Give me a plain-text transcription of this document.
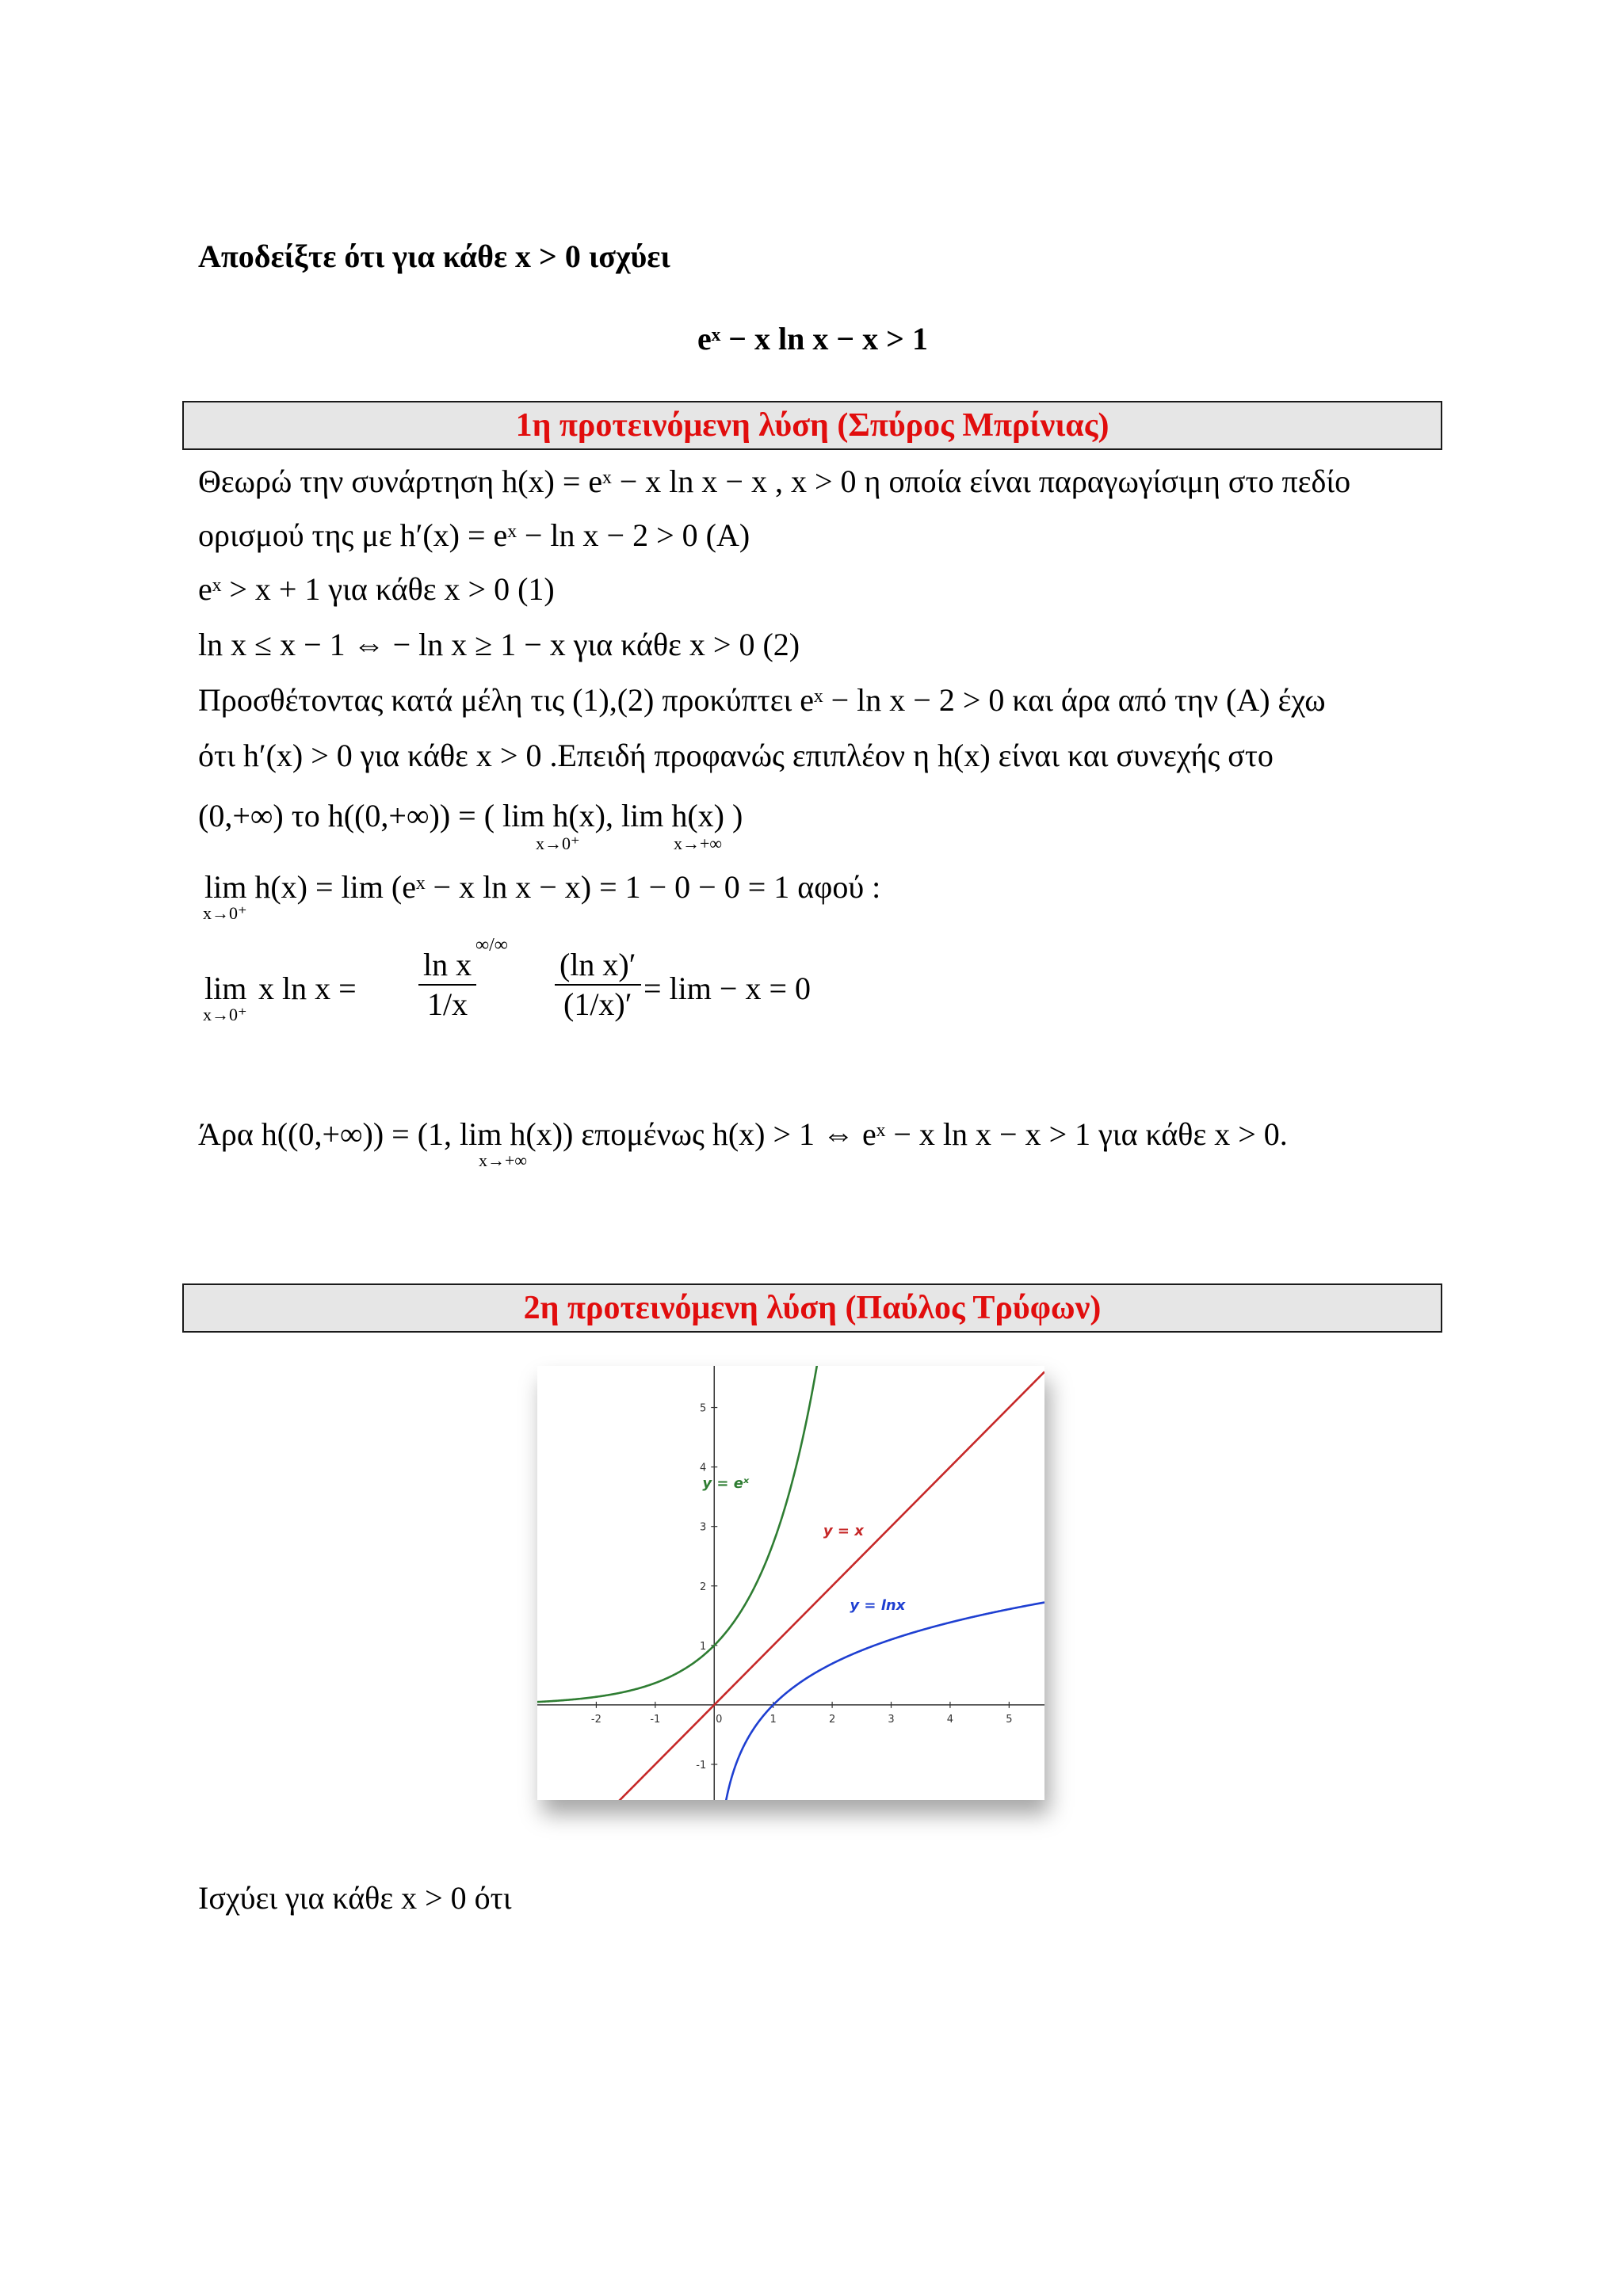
Αποδείξτε ότι για κάθε x > 0 ισχύει
eˣ − x ln x − x > 1
1η προτεινόμενη λύση (Σπύρος Μπρίνιας)
Θεωρώ την συνάρτηση h(x) = eˣ − x ln x − x , x > 0 η οποία είναι παραγωγίσιμη στο πεδίο
ορισμού της με h′(x) = eˣ − ln x − 2 > 0 (A)
eˣ > x + 1 για κάθε x > 0 (1)
ln x ≤ x − 1 ⇔ − ln x ≥ 1 − x για κάθε x > 0 (2)
Προσθέτοντας κατά μέλη τις (1),(2) προκύπτει eˣ − ln x − 2 > 0 και άρα από την (A) έχω
ότι h′(x) > 0 για κάθε x > 0 .Επειδή προφανώς επιπλέον η h(x) είναι και συνεχής στο
(0,+∞) το h((0,+∞)) = ( lim h(x), lim h(x) )
x→0⁺	x→+∞
lim h(x) = lim (eˣ − x ln x − x) = 1 − 0 − 0 = 1 αφού :
x→0⁺
lim
x→0⁺
x $\ln x = \frac{\text{ln x}}{1/x}$
∞/∞
$\frac{\text{(ln x)′}}{(1/x)'} = \lim - x = 0$
Άρα h((0,+∞)) = (1, lim h(x)) επομένως h(x) > 1 ⇔ eˣ − x ln x − x > 1 για κάθε x > 0.
x→+∞
2η προτεινόμενη λύση (Παύλος Τρύφων)
-2	-1	0	1	2	3	4	5
-1
1
2
3
4
5
y = eˣ
y = x
y = lnx
Ισχύει για κάθε x > 0 ότι
